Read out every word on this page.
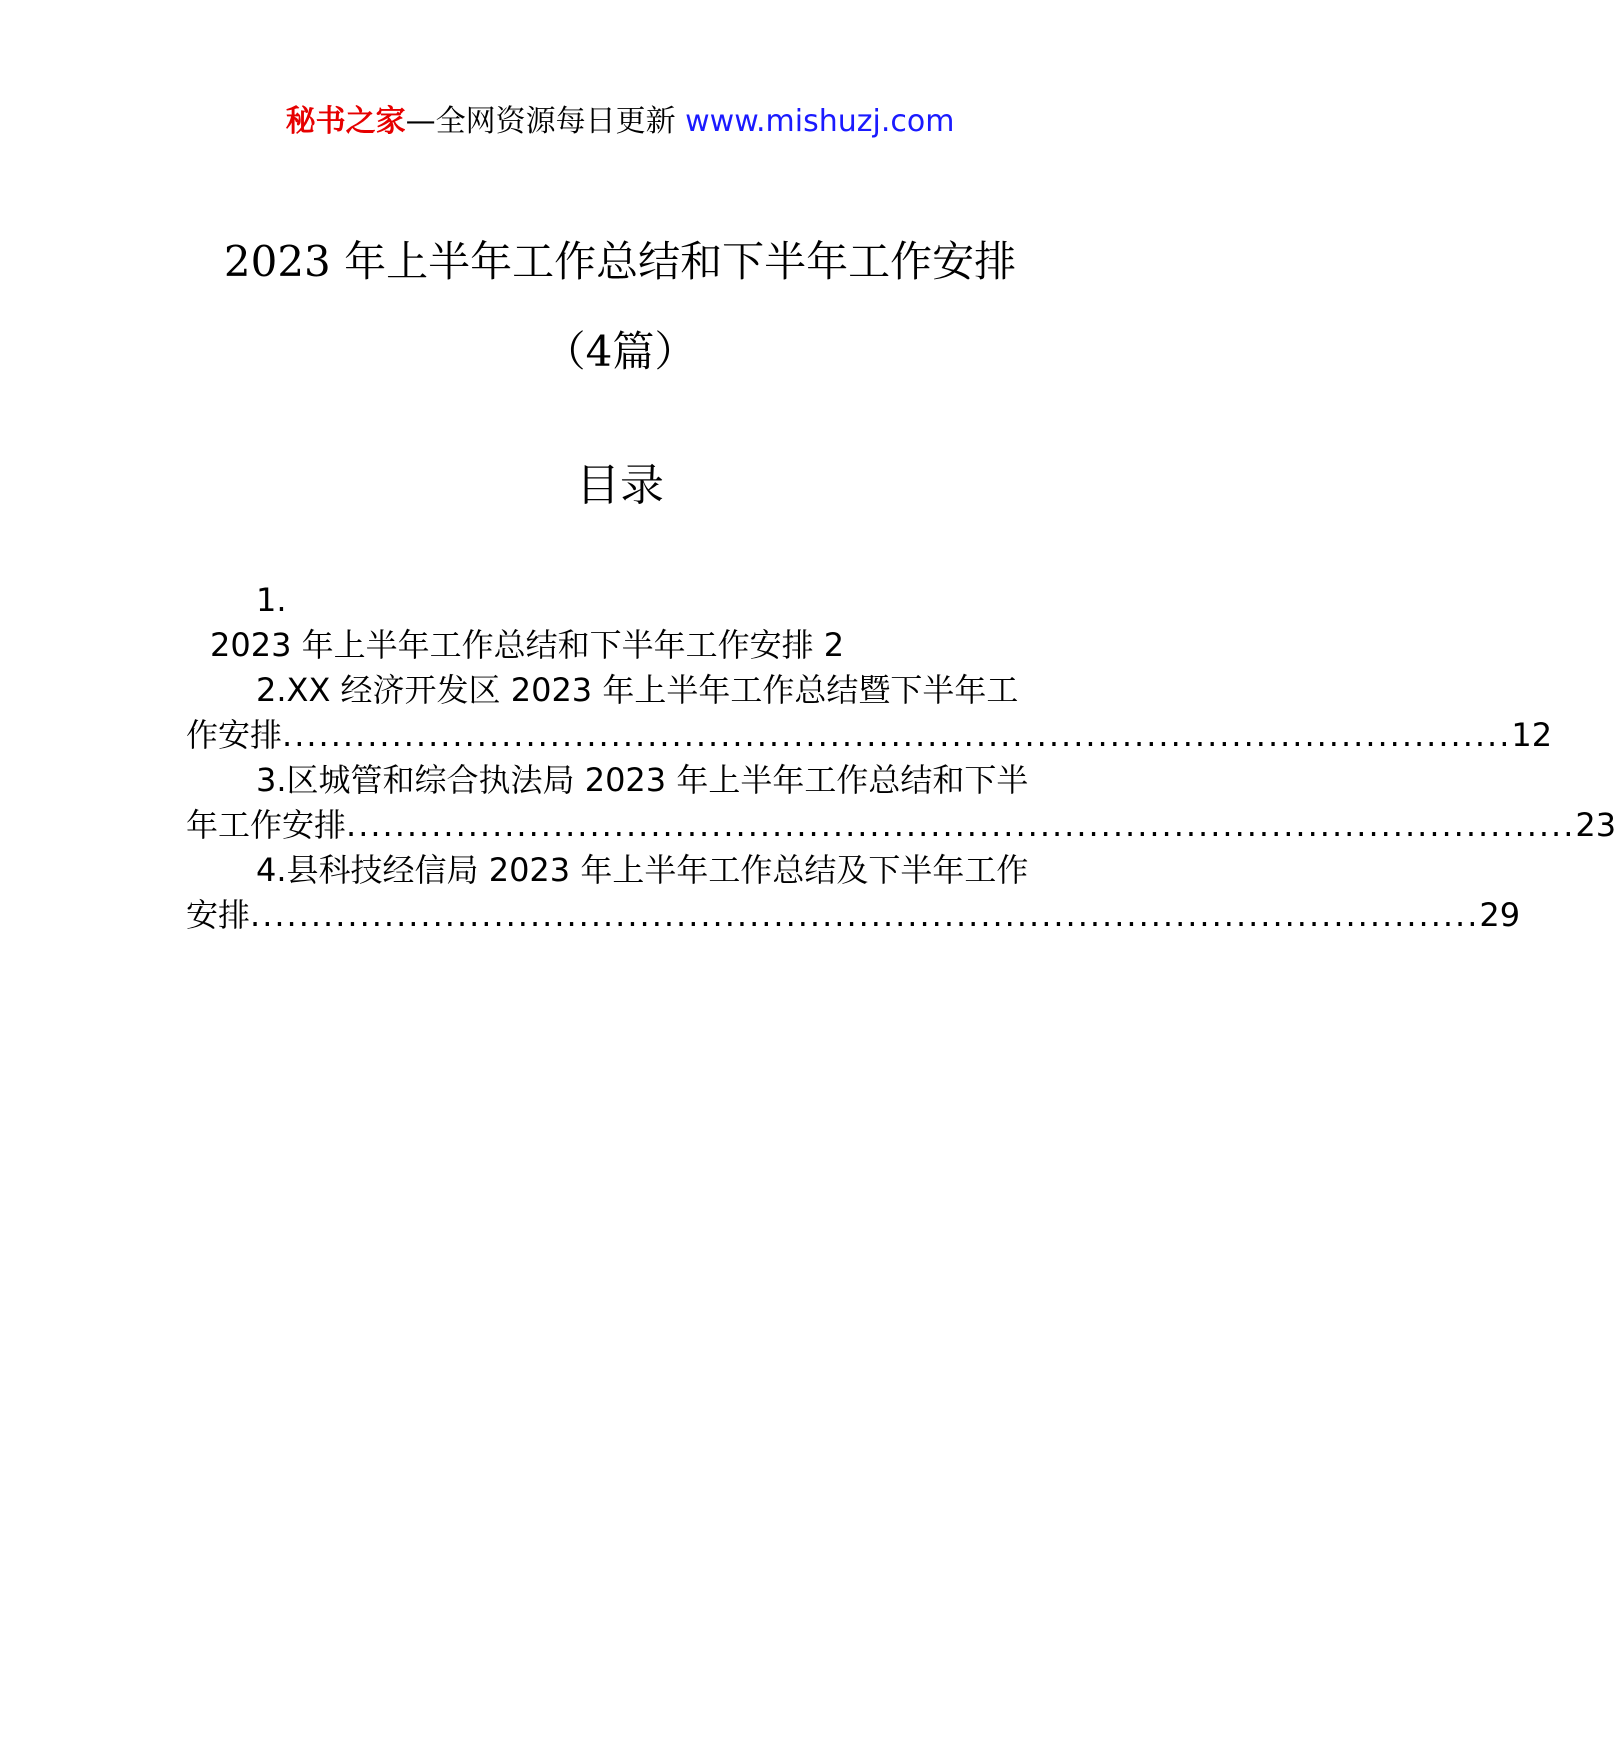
秘书之家—全网资源每日更新 www.mishuzj.com
2023 年上半年工作总结和下半年工作安排
（4篇）
目录
1.
2023 年上半年工作总结和下半年工作安排 2
2.XX 经济开发区 2023 年上半年工作总结暨下半年工
作安排 ..................................................................................................... 12
3.区城管和综合执法局 2023 年上半年工作总结和下半
年工作安排 ..................................................................................................... 23
4.县科技经信局 2023 年上半年工作总结及下半年工作
安排 ..................................................................................................... 29
